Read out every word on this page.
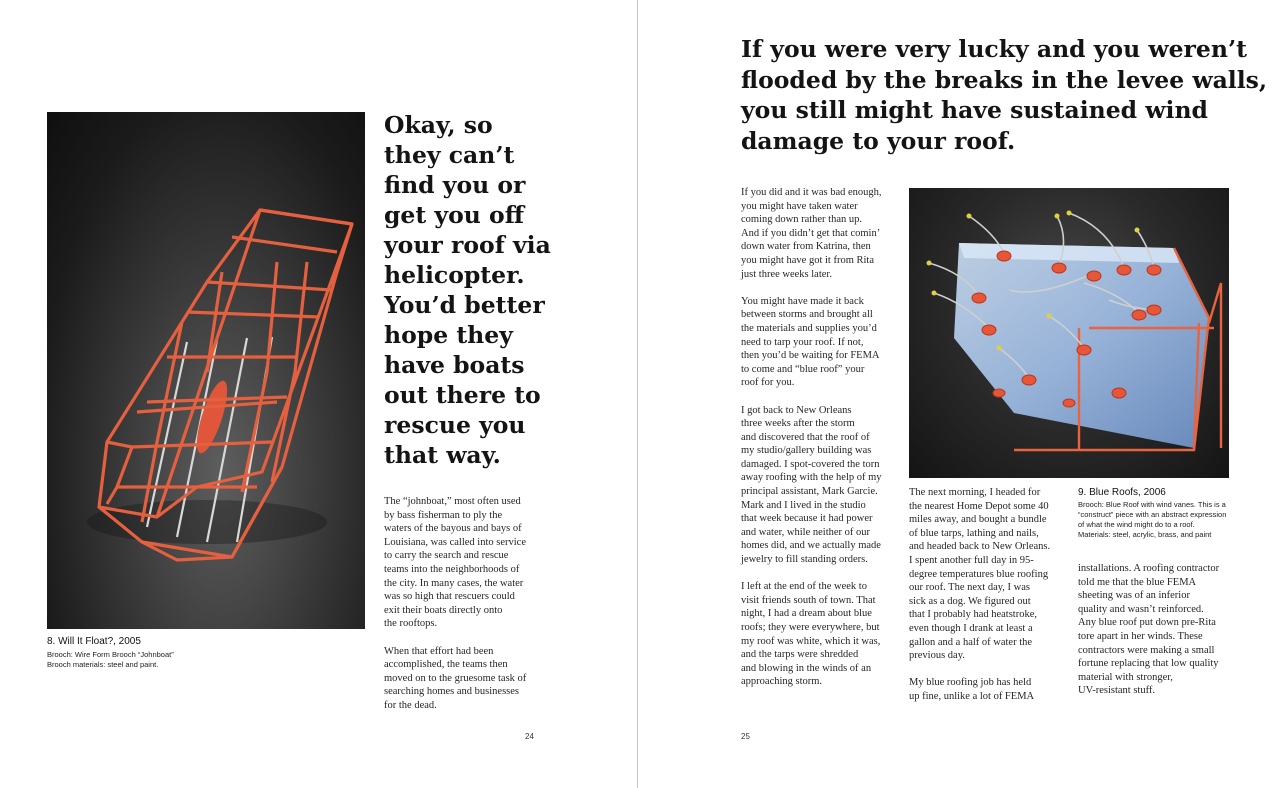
8. Will It Float?, 2005
Brooch: Wire Form Brooch “Johnboat”
Brooch materials: steel and paint.
Okay, so
they can’t
find you or
get you off
your roof via
helicopter.
You’d better
hope they
have boats
out there to
rescue you
that way.
The “johnboat,” most often used
by bass fisherman to ply the
waters of the bayous and bays of
Louisiana, was called into service
to carry the search and rescue
teams into the neighborhoods of
the city. In many cases, the water
was so high that rescuers could
exit their boats directly onto
the rooftops.
When that effort had been
accomplished, the teams then
moved on to the gruesome task of
searching homes and businesses
for the dead.
24
If you were very lucky and you weren’t
flooded by the breaks in the levee walls,
you still might have sustained wind
damage to your roof.
If you did and it was bad enough,
you might have taken water
coming down rather than up.
And if you didn’t get that comin’
down water from Katrina, then
you might have got it from Rita
just three weeks later.
You might have made it back
between storms and brought all
the materials and supplies you’d
need to tarp your roof. If not,
then you’d be waiting for FEMA
to come and “blue roof” your
roof for you.
I got back to New Orleans
three weeks after the storm
and discovered that the roof of
my studio/gallery building was
damaged. I spot-covered the torn
away roofing with the help of my
principal assistant, Mark Garcie.
Mark and I lived in the studio
that week because it had power
and water, while neither of our
homes did, and we actually made
jewelry to fill standing orders.
I left at the end of the week to
visit friends south of town. That
night, I had a dream about blue
roofs; they were everywhere, but
my roof was white, which it was,
and the tarps were shredded
and blowing in the winds of an
approaching storm.
The next morning, I headed for
the nearest Home Depot some 40
miles away, and bought a bundle
of blue tarps, lathing and nails,
and headed back to New Orleans.
I spent another full day in 95-
degree temperatures blue roofing
our roof. The next day, I was
sick as a dog. We figured out
that I probably had heatstroke,
even though I drank at least a
gallon and a half of water the
previous day.
My blue roofing job has held
up fine, unlike a lot of FEMA
9. Blue Roofs, 2006
Brooch: Blue Roof with wind vanes. This is a
“construct” piece with an abstract expression
of what the wind might do to a roof.
Materials: steel, acrylic, brass, and paint
installations. A roofing contractor
told me that the blue FEMA
sheeting was of an inferior
quality and wasn’t reinforced.
Any blue roof put down pre-Rita
tore apart in her winds. These
contractors were making a small
fortune replacing that low quality
material with stronger,
UV-resistant stuff.
25
